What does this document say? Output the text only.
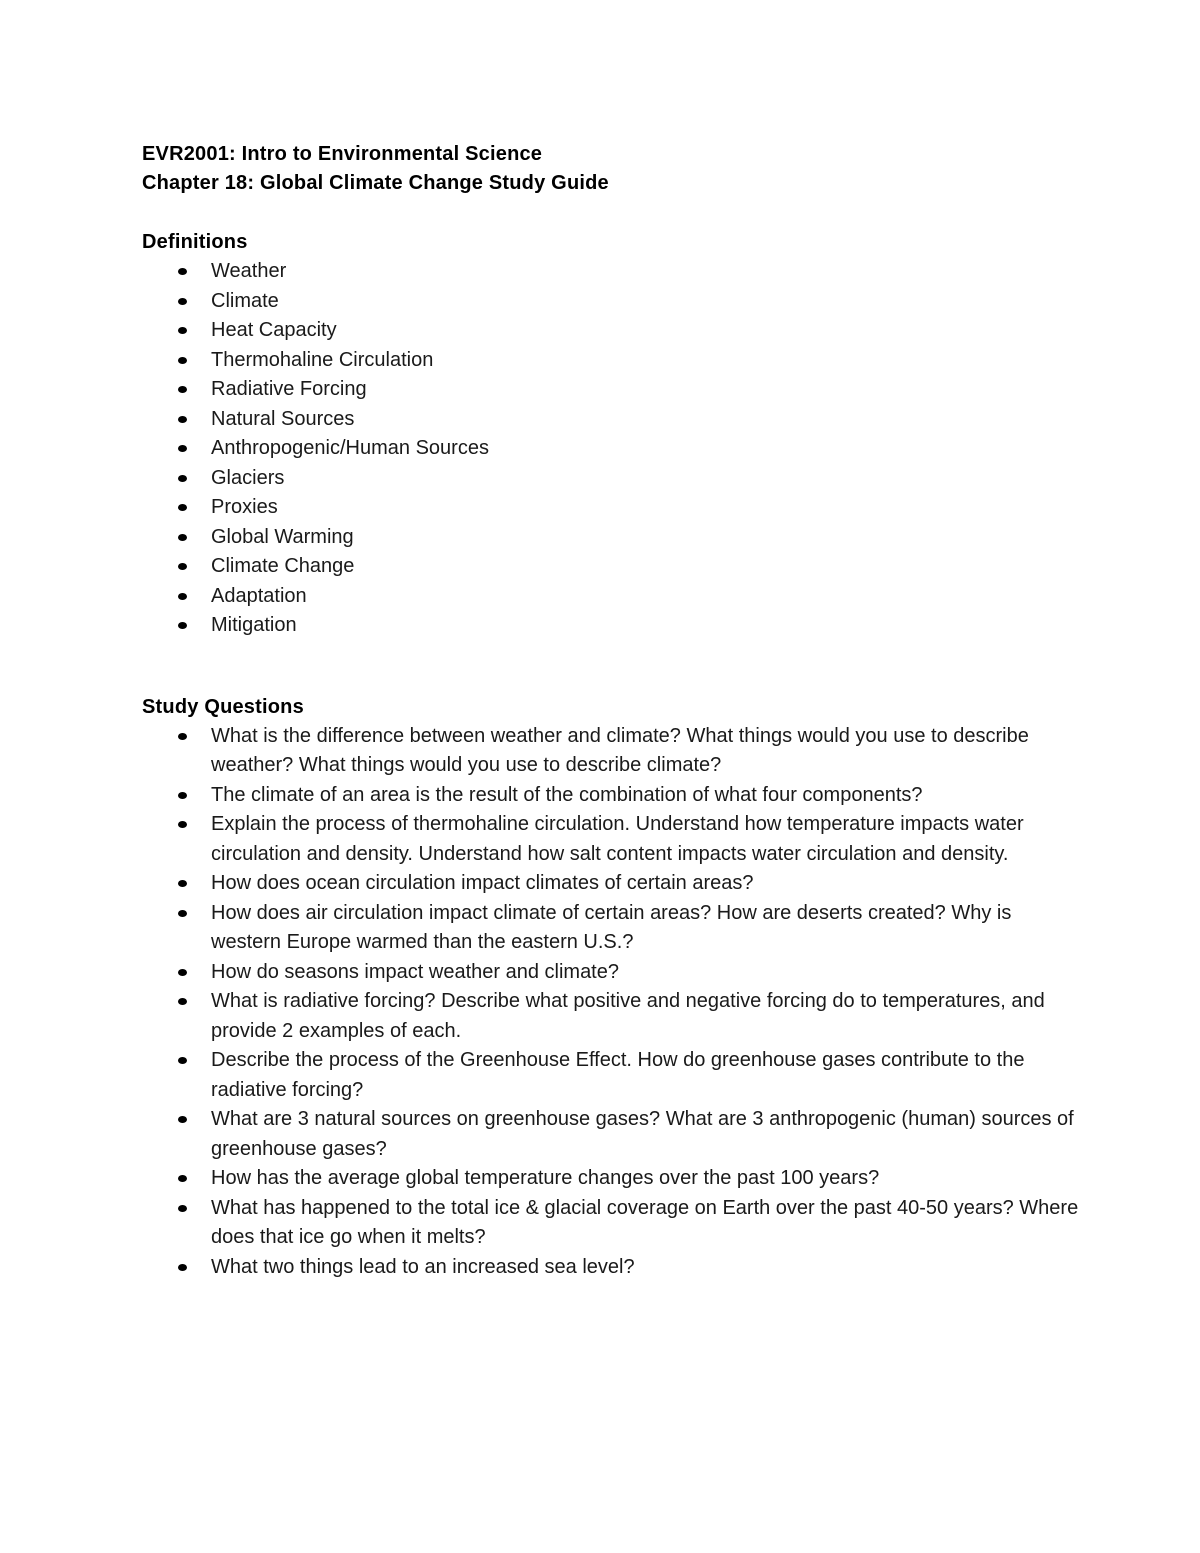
EVR2001: Intro to Environmental Science

Chapter 18: Global Climate Change Study Guide

Definitions

Weather
Climate
Heat Capacity
Thermohaline Circulation
Radiative Forcing
Natural Sources
Anthropogenic/Human Sources
Glaciers
Proxies
Global Warming
Climate Change
Adaptation
Mitigation

Study Questions

What is the difference between weather and climate? What things would you use to describe weather? What things would you use to describe climate?
The climate of an area is the result of the combination of what four components?
Explain the process of thermohaline circulation. Understand how temperature impacts water circulation and density. Understand how salt content impacts water circulation and density.
How does ocean circulation impact climates of certain areas?
How does air circulation impact climate of certain areas? How are deserts created? Why is western Europe warmed than the eastern U.S.?
How do seasons impact weather and climate?
What is radiative forcing? Describe what positive and negative forcing do to temperatures, and provide 2 examples of each.
Describe the process of the Greenhouse Effect. How do greenhouse gases contribute to the radiative forcing?
What are 3 natural sources on greenhouse gases? What are 3 anthropogenic (human) sources of greenhouse gases?
How has the average global temperature changes over the past 100 years?
What has happened to the total ice & glacial coverage on Earth over the past 40-50 years? Where does that ice go when it melts?
What two things lead to an increased sea level?
